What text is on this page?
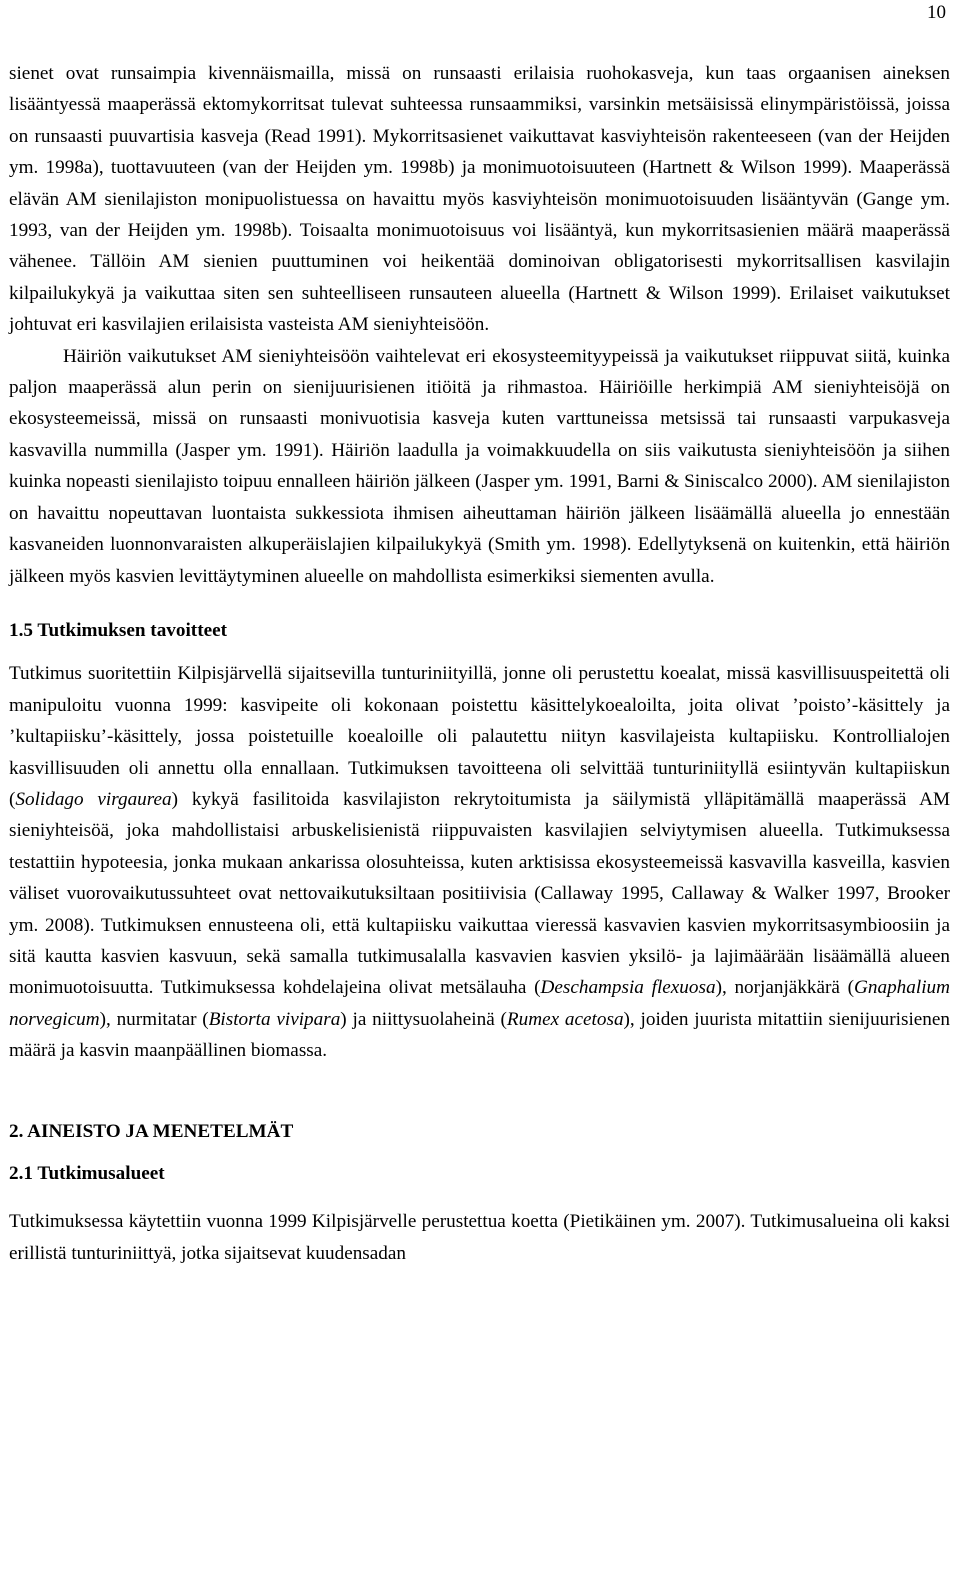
10

sienet ovat runsaimpia kivennäismailla, missä on runsaasti erilaisia ruohokasveja, kun taas orgaanisen aineksen lisääntyessä maaperässä ektomykorritsat tulevat suhteessa runsaammiksi, varsinkin metsäisissä elinympäristöissä, joissa on runsaasti puuvartisia kasveja (Read 1991). Mykorritsasienet vaikuttavat kasviyhteisön rakenteeseen (van der Heijden ym. 1998a), tuottavuuteen (van der Heijden ym. 1998b) ja monimuotoisuuteen (Hartnett & Wilson 1999). Maaperässä elävän AM sienilajiston monipuolistuessa on havaittu myös kasviyhteisön monimuotoisuuden lisääntyvän (Gange ym. 1993, van der Heijden ym. 1998b). Toisaalta monimuotoisuus voi lisääntyä, kun mykorritsasienien määrä maaperässä vähenee. Tällöin AM sienien puuttuminen voi heikentää dominoivan obligatorisesti mykorritsallisen kasvilajin kilpailukykyä ja vaikuttaa siten sen suhteelliseen runsauteen alueella (Hartnett & Wilson 1999). Erilaiset vaikutukset johtuvat eri kasvilajien erilaisista vasteista AM sieniyhteisöön.

Häiriön vaikutukset AM sieniyhteisöön vaihtelevat eri ekosysteemityypeissä ja vaikutukset riippuvat siitä, kuinka paljon maaperässä alun perin on sienijuurisienen itiöitä ja rihmastoa. Häiriöille herkimpiä AM sieniyhteisöjä on ekosysteemeissä, missä on runsaasti monivuotisia kasveja kuten varttuneissa metsissä tai runsaasti varpukasveja kasvavilla nummilla (Jasper ym. 1991). Häiriön laadulla ja voimakkuudella on siis vaikutusta sieniyhteisöön ja siihen kuinka nopeasti sienilajisto toipuu ennalleen häiriön jälkeen (Jasper ym. 1991, Barni & Siniscalco 2000). AM sienilajiston on havaittu nopeuttavan luontaista sukkessiota ihmisen aiheuttaman häiriön jälkeen lisäämällä alueella jo ennestään kasvaneiden luonnonvaraisten alkuperäislajien kilpailukykyä (Smith ym. 1998). Edellytyksenä on kuitenkin, että häiriön jälkeen myös kasvien levittäytyminen alueelle on mahdollista esimerkiksi siementen avulla.

1.5 Tutkimuksen tavoitteet

Tutkimus suoritettiin Kilpisjärvellä sijaitsevilla tunturiniityillä, jonne oli perustettu koealat, missä kasvillisuuspeitettä oli manipuloitu vuonna 1999: kasvipeite oli kokonaan poistettu käsittelykoealoilta, joita olivat ’poisto’-käsittely ja ’kultapiisku’-käsittely, jossa poistetuille koealoille oli palautettu niityn kasvilajeista kultapiisku. Kontrollialojen kasvillisuuden oli annettu olla ennallaan. Tutkimuksen tavoitteena oli selvittää tunturiniityllä esiintyvän kultapiiskun (Solidago virgaurea) kykyä fasilitoida kasvilajiston rekrytoitumista ja säilymistä ylläpitämällä maaperässä AM sieniyhteisöä, joka mahdollistaisi arbuskelisienistä riippuvaisten kasvilajien selviytymisen alueella. Tutkimuksessa testattiin hypoteesia, jonka mukaan ankarissa olosuhteissa, kuten arktisissa ekosysteemeissä kasvavilla kasveilla, kasvien väliset vuorovaikutussuhteet ovat nettovaikutuksiltaan positiivisia (Callaway 1995, Callaway & Walker 1997, Brooker ym. 2008). Tutkimuksen ennusteena oli, että kultapiisku vaikuttaa vieressä kasvavien kasvien mykorritsasymbioosiin ja sitä kautta kasvien kasvuun, sekä samalla tutkimusalalla kasvavien kasvien yksilö- ja lajimäärään lisäämällä alueen monimuotoisuutta. Tutkimuksessa kohdelajeina olivat metsälauha (Deschampsia flexuosa), norjanjäkkärä (Gnaphalium norvegicum), nurmitatar (Bistorta vivipara) ja niittysuolaheinä (Rumex acetosa), joiden juurista mitattiin sienijuurisienen määrä ja kasvin maanpäällinen biomassa.

2. AINEISTO JA MENETELMÄT
2.1 Tutkimusalueet

Tutkimuksessa käytettiin vuonna 1999 Kilpisjärvelle perustettua koetta (Pietikäinen ym. 2007). Tutkimusalueina oli kaksi erillistä tunturiniittyä, jotka sijaitsevat kuudensadan
